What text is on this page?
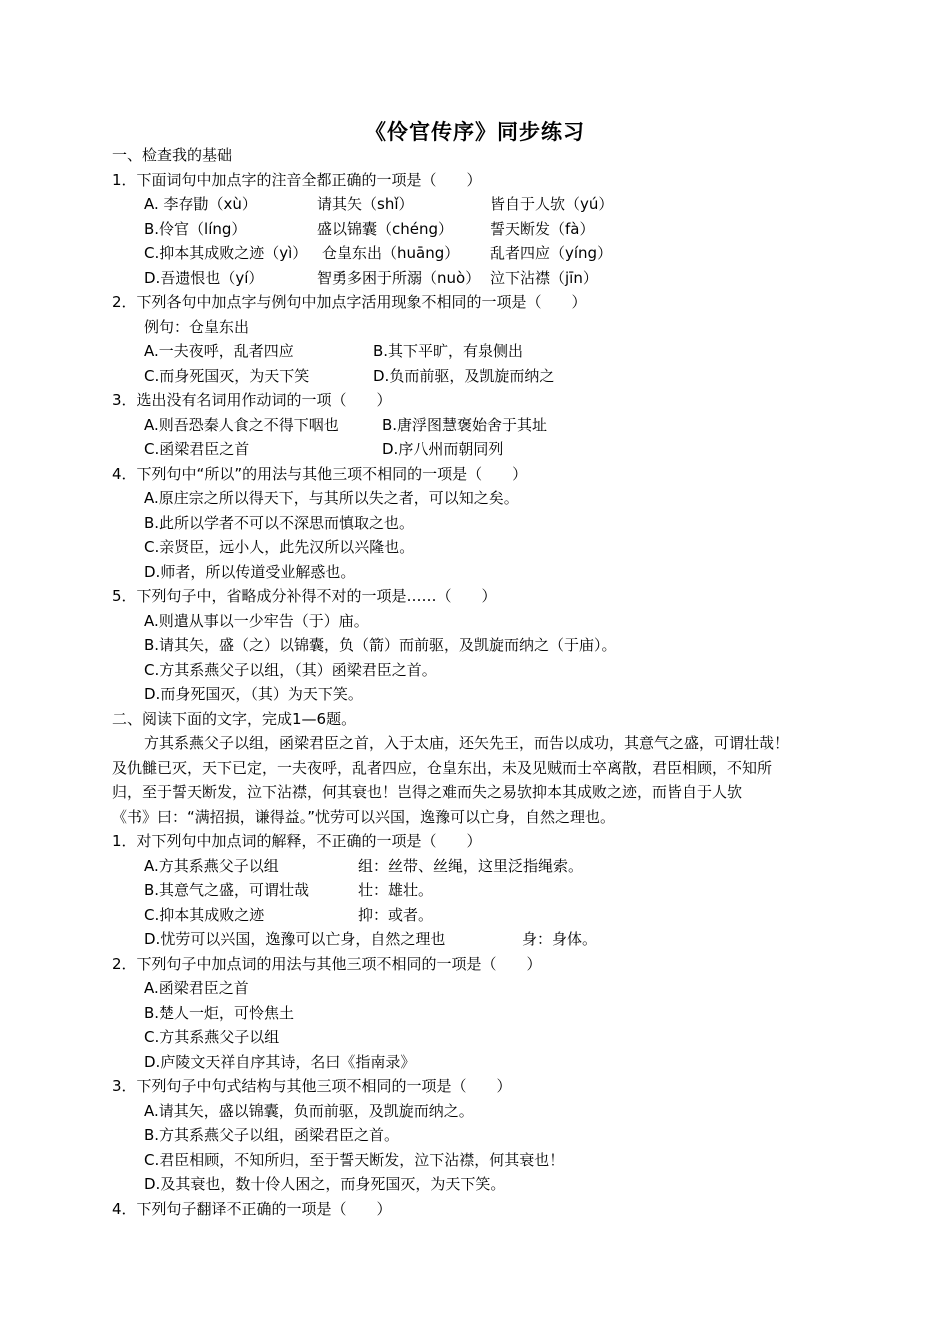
《伶官传序》同步练习
一、检查我的基础
1．下面词句中加点字的注音全都正确的一项是（　　）
A. 李存勖（xù）	请其矢（shǐ）	皆自于人欤（yú）
B.伶官（líng）	盛以锦囊（chéng） 誓天断发（fà）
C.抑本其成败之迹（yì） 仓皇东出（huāng） 乱者四应（yíng）
D.吾遗恨也（yí）	智勇多困于所溺（nuò） 泣下沾襟（jīn）
2．下列各句中加点字与例句中加点字活用现象不相同的一项是（　　）
例句：仓皇东出
A.一夫夜呼，乱者四应	B.其下平旷，有泉侧出
C.而身死国灭，为天下笑	D.负而前驱，及凯旋而纳之
3．选出没有名词用作动词的一项（　　）
A.则吾恐秦人食之不得下咽也	B.唐浮图慧褒始舍于其址
C.函梁君臣之首	D.序八州而朝同列
4．下列句中“所以”的用法与其他三项不相同的一项是（　　）
A.原庄宗之所以得天下，与其所以失之者，可以知之矣。
B.此所以学者不可以不深思而慎取之也。
C.亲贤臣，远小人，此先汉所以兴隆也。
D.师者，所以传道受业解惑也。
5．下列句子中，省略成分补得不对的一项是……（　　）
A.则遣从事以一少牢告（于）庙。
B.请其矢，盛（之）以锦囊，负（箭）而前驱，及凯旋而纳之（于庙）。
C.方其系燕父子以组，（其）函梁君臣之首。
D.而身死国灭，（其）为天下笑。
二、阅读下面的文字，完成1—6题。
方其系燕父子以组，函梁君臣之首，入于太庙，还矢先王，而告以成功，其意气之盛，可谓壮哉！
及仇雠已灭，天下已定，一夫夜呼，乱者四应，仓皇东出，未及见贼而士卒离散，君臣相顾，不知所
归，至于誓天断发，泣下沾襟，何其衰也！岂得之难而失之易欤抑本其成败之迹，而皆自于人欤
《书》曰：“满招损，谦得益。”忧劳可以兴国，逸豫可以亡身，自然之理也。
1．对下列句中加点词的解释，不正确的一项是（　　）
A.方其系燕父子以组	组：丝带、丝绳，这里泛指绳索。
B.其意气之盛，可谓壮哉	壮：雄壮。
C.抑本其成败之迹	抑：或者。
D.忧劳可以兴国，逸豫可以亡身，自然之理也	身：身体。
2．下列句子中加点词的用法与其他三项不相同的一项是（　　）
A.函梁君臣之首
B.楚人一炬，可怜焦土
C.方其系燕父子以组
D.庐陵文天祥自序其诗，名曰《指南录》
3．下列句子中句式结构与其他三项不相同的一项是（　　）
A.请其矢，盛以锦囊，负而前驱，及凯旋而纳之。
B.方其系燕父子以组，函梁君臣之首。
C.君臣相顾，不知所归，至于誓天断发，泣下沾襟，何其衰也！
D.及其衰也，数十伶人困之，而身死国灭，为天下笑。
4．下列句子翻译不正确的一项是（　　）
